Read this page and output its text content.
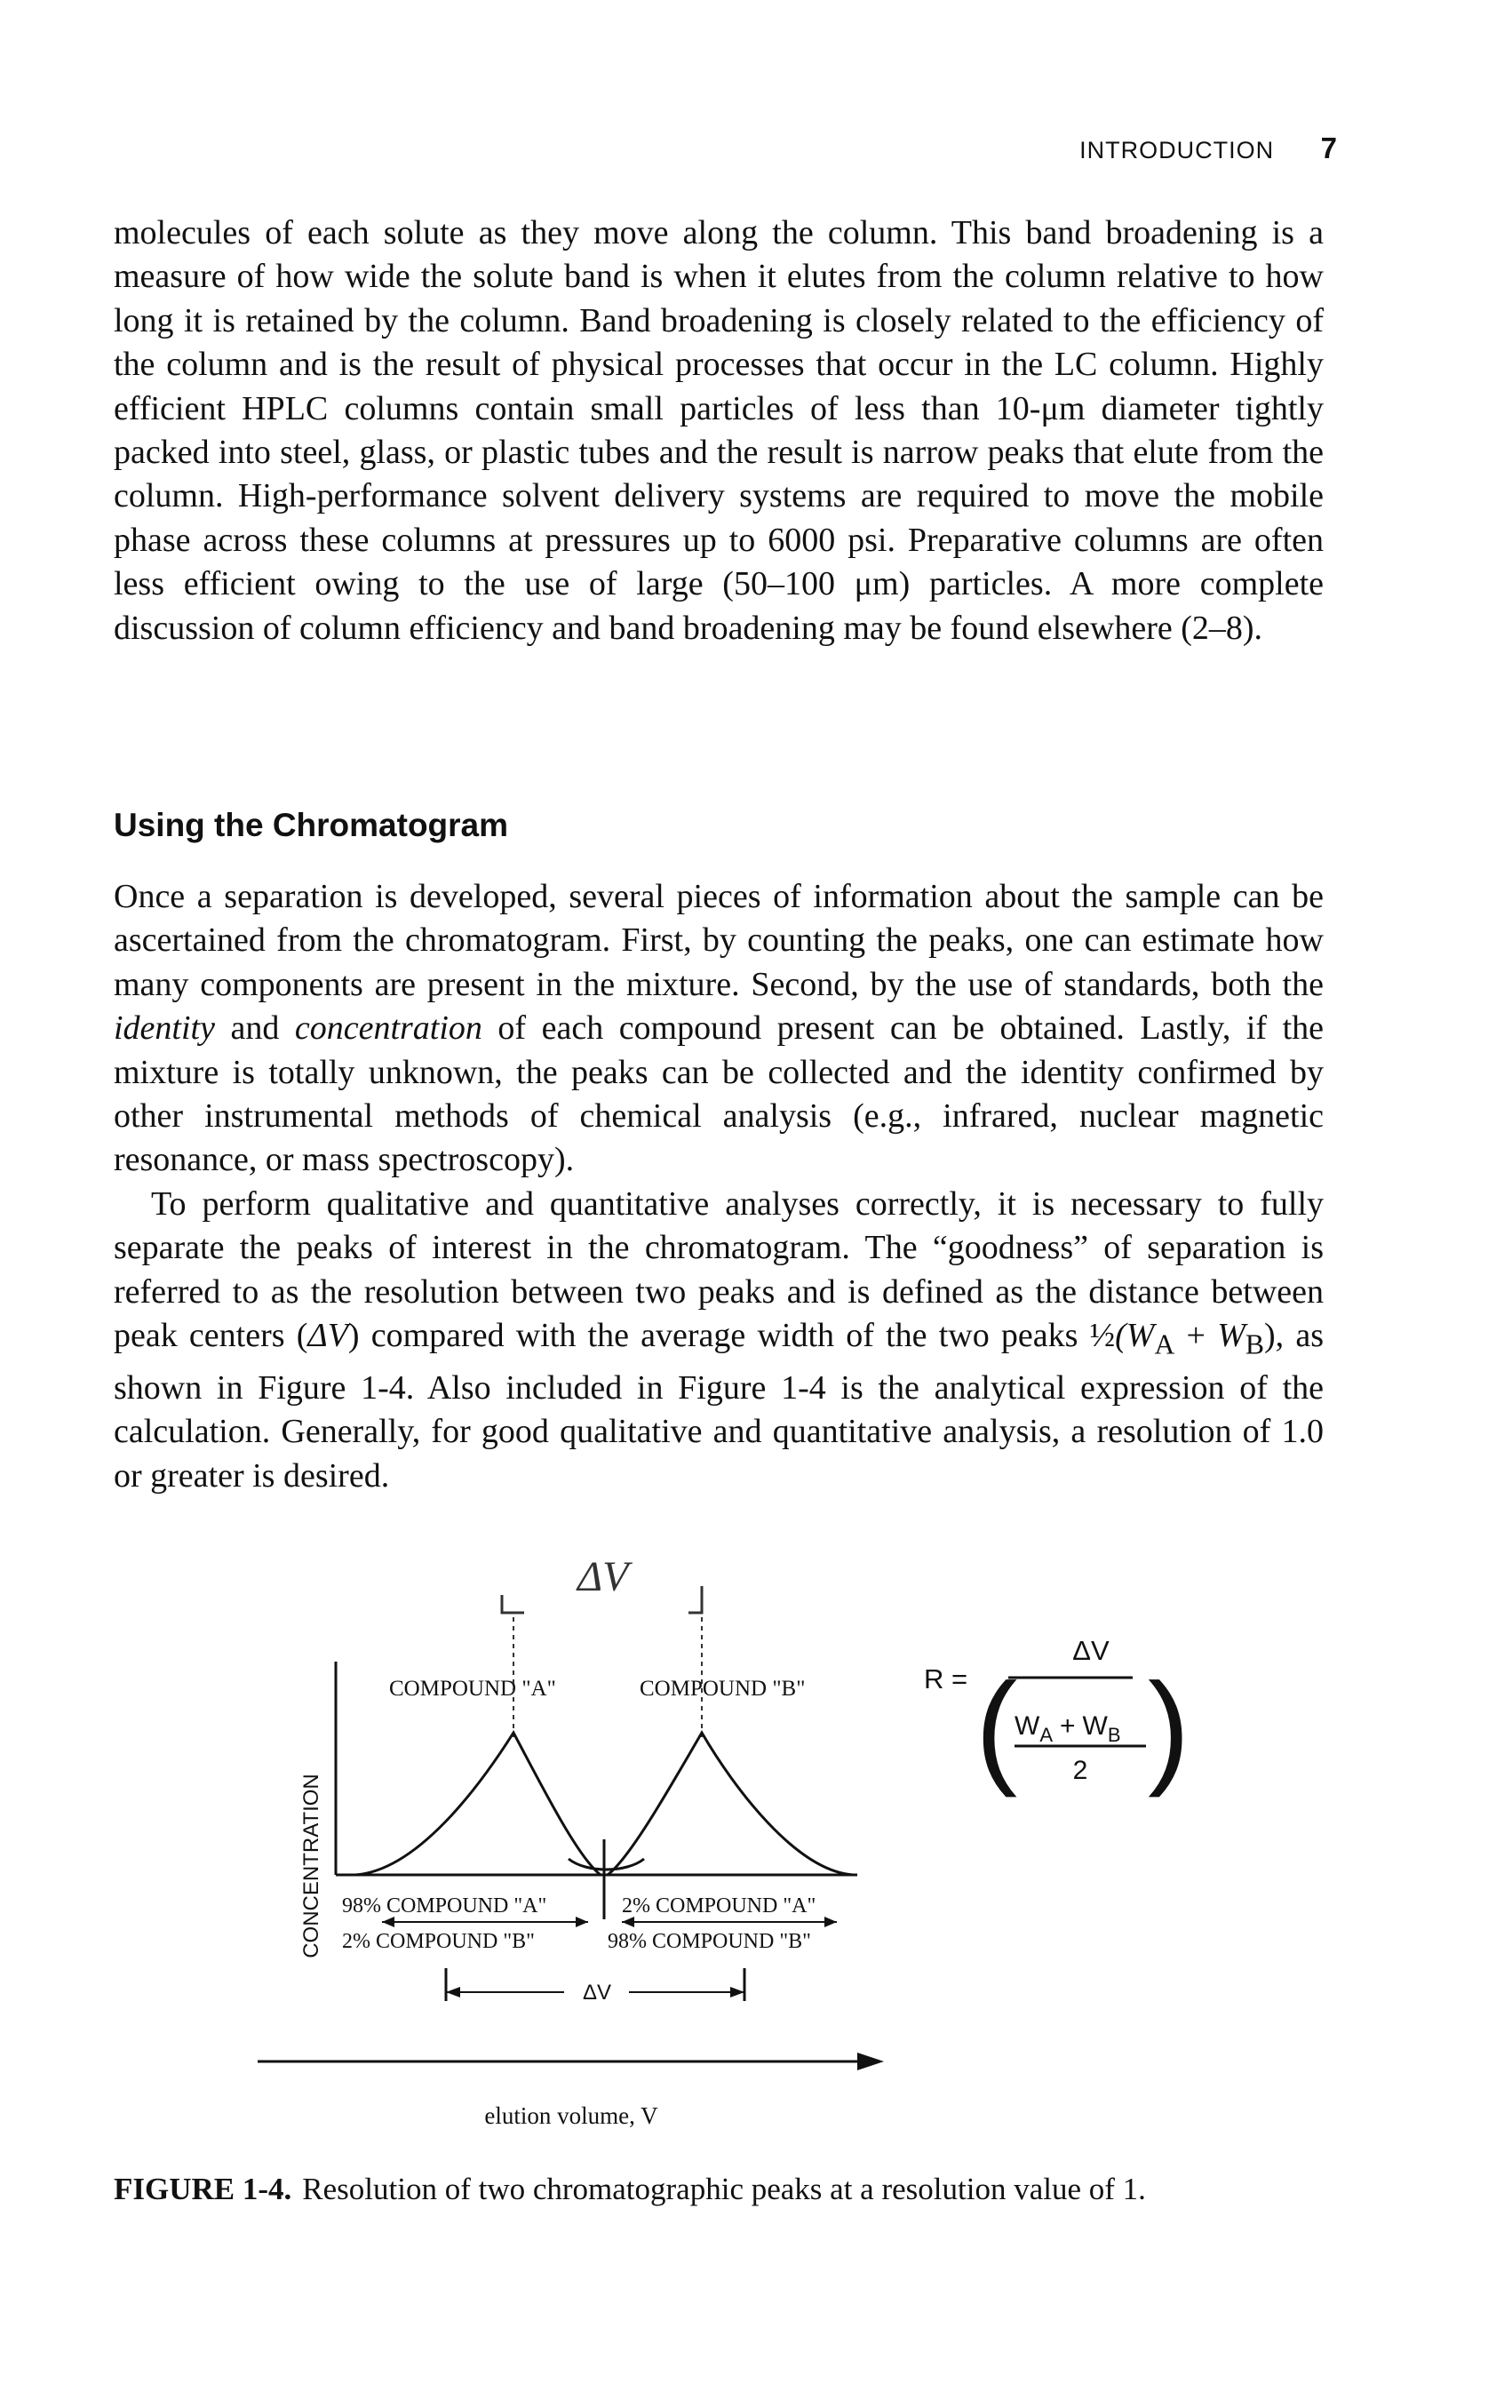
INTRODUCTION 7

molecules of each solute as they move along the column. This band broadening is a measure of how wide the solute band is when it elutes from the column relative to how long it is retained by the column. Band broadening is closely related to the efficiency of the column and is the result of physical processes that occur in the LC column. Highly efficient HPLC columns contain small particles of less than 10-μm diameter tightly packed into steel, glass, or plastic tubes and the result is narrow peaks that elute from the column. High-performance solvent delivery systems are required to move the mobile phase across these columns at pressures up to 6000 psi. Preparative columns are often less efficient owing to the use of large (50–100 μm) particles. A more complete discussion of column efficiency and band broadening may be found elsewhere (2–8).

Using the Chromatogram

Once a separation is developed, several pieces of information about the sample can be ascertained from the chromatogram. First, by counting the peaks, one can estimate how many components are present in the mixture. Second, by the use of standards, both the identity and concentration of each compound present can be obtained. Lastly, if the mixture is totally unknown, the peaks can be collected and the identity confirmed by other instrumental methods of chemical analysis (e.g., infrared, nuclear magnetic resonance, or mass spectroscopy).

To perform qualitative and quantitative analyses correctly, it is necessary to fully separate the peaks of interest in the chromatogram. The “goodness” of separation is referred to as the resolution between two peaks and is defined as the distance between peak centers (ΔV) compared with the average width of the two peaks $\frac{1}{2}(W_A + W_B)$, as shown in Figure 1-4. Also included in Figure 1-4 is the analytical expression of the calculation. Generally, for good qualitative and quantitative analysis, a resolution of 1.0 or greater is desired.

ΔV
CONCENTRATION
COMPOUND "A"	COMPOUND "B"
98% COMPOUND "A"
2% COMPOUND "B"
2% COMPOUND "A"
98% COMPOUND "B"
ΔV
elution volume, V
R =
ΔV
(
$W_A + W_B$
2 )

FIGURE 1-4. Resolution of two chromatographic peaks at a resolution value of 1.
